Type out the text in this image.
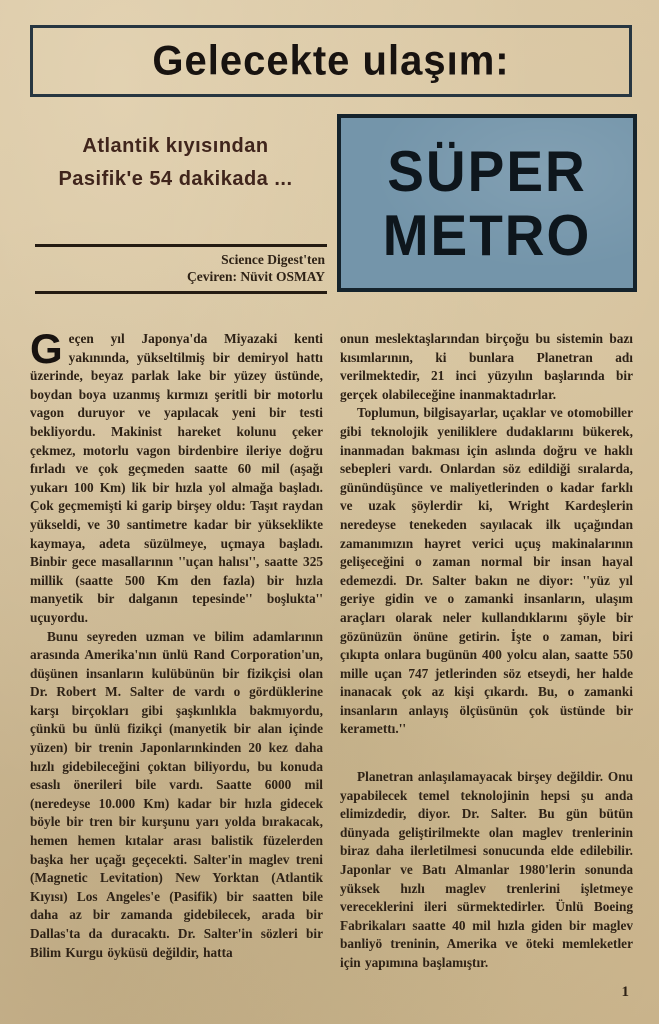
Gelecekte ulaşım:
Atlantik kıyısından
Pasifik'e 54 dakikada ... SÜPER
METRO
Science Digest'ten
Çeviren: Nüvit OSMAY

Geçen yıl Japonya'da Miyazaki kenti yakınında, yükseltilmiş bir demiryol hattı üzerinde, beyaz parlak lake bir yüzey üstünde, boydan boya uzanmış kırmızı şeritli bir motorlu vagon duruyor ve yapılacak yeni bir testi bekliyordu. Makinist hareket kolunu çeker çekmez, motorlu vagon birdenbire ileriye doğru fırladı ve çok geçmeden saatte 60 mil (aşağı yukarı 100 Km) lik bir hızla yol almağa başladı. Çok geçmemişti ki garip birşey oldu: Taşıt raydan yükseldi, ve 30 santimetre kadar bir yükseklikte kaymaya, adeta süzülmeye, uçmaya başladı. Binbir gece masallarının ''uçan halısı'', saatte 325 millik (saatte 500 Km den fazla) bir hızla manyetik bir dalganın tepesinde'' boşlukta'' uçuyordu.

Bunu seyreden uzman ve bilim adamlarının arasında Amerika'nın ünlü Rand Corporation'un, düşünen insanların kulübünün bir fizikçisi olan Dr. Robert M. Salter de vardı o gördüklerine karşı birçokları gibi şaşkınlıkla bakmıyordu, çünkü bu ünlü fizikçi (manyetik bir alan içinde yüzen) bir trenin Japonlarınkinden 20 kez daha hızlı gidebileceğini çoktan biliyordu, bu konuda esaslı önerileri bile vardı. Saatte 6000 mil (neredeyse 10.000 Km) kadar bir hızla gidecek böyle bir tren bir kurşunu yarı yolda bırakacak, hemen hemen kıtalar arası balistik füzelerden başka her uçağı geçecekti. Salter'in maglev treni (Magnetic Levitation) New Yorktan (Atlantik Kıyısı) Los Angeles'e (Pasifik) bir saatten bile daha az bir zamanda gidebilecek, arada bir Dallas'ta da duracaktı. Dr. Salter'in sözleri bir Bilim Kurgu öyküsü değildir, hatta

onun meslektaşlarından birçoğu bu sistemin bazı kısımlarının, ki bunlara Planetran adı verilmektedir, 21 inci yüzyılın başlarında bir gerçek olabileceğine inanmaktadırlar.

Toplumun, bilgisayarlar, uçaklar ve otomobiller gibi teknolojik yeniliklere dudaklarını bükerek, inanmadan bakması için aslında doğru ve haklı sebepleri vardı. Onlardan söz edildiği sıralarda, günündüşünce ve maliyetlerinden o kadar farklı ve uzak şöylerdir ki, Wright Kardeşlerin neredeyse tenekeden sayılacak ilk uçağından zamanımızın hayret verici uçuş makinalarının gelişeceğini o zaman normal bir insan hayal edemezdi. Dr. Salter bakın ne diyor: ''yüz yıl geriye gidin ve o zamanki insanların, ulaşım araçları olarak neler kullandıklarını şöyle bir gözünüzün önüne getirin. İşte o zaman, biri çıkıpta onlara bugünün 400 yolcu alan, saatte 550 mille uçan 747 jetlerinden söz etseydi, her halde inanacak çok az kişi çıkardı. Bu, o zamanki insanların anlayış ölçüsünün çok üstünde bir keramettı.''

Planetran anlaşılamayacak birşey değildir. Onu yapabilecek temel teknolojinin hepsi şu anda elimizdedir, diyor. Dr. Salter. Bu gün bütün dünyada geliştirilmekte olan maglev trenlerinin biraz daha ilerletilmesi sonucunda elde edilebilir. Japonlar ve Batı Almanlar 1980'lerin sonunda yüksek hızlı maglev trenlerini işletmeye vereceklerini ileri sürmektedirler. Ünlü Boeing Fabrikaları saatte 40 mil hızla giden bir maglev banliyö treninin, Amerika ve öteki memleketler için yapımına başlamıştır.

1
